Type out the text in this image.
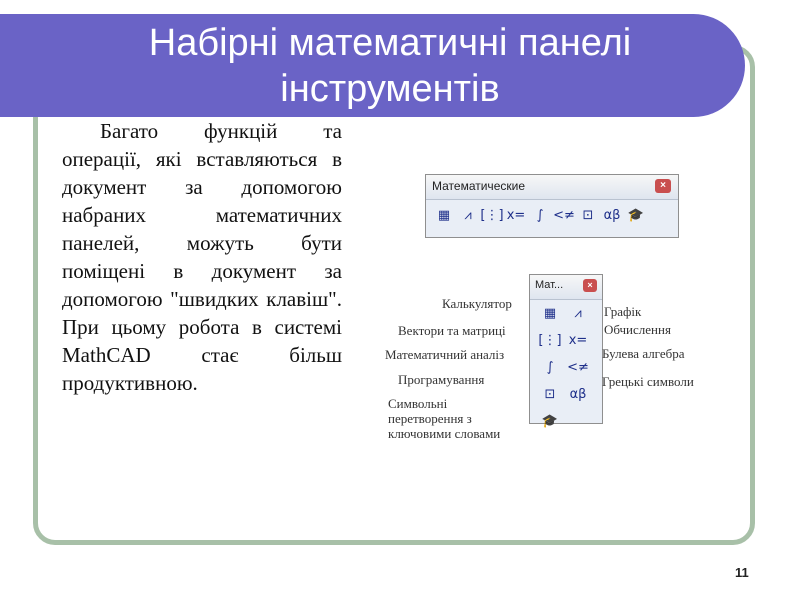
Набірні математичні панелі інструментів
Багато функцій та операції, які вставляються в документ за допомогою набраних математичних панелей, можуть бути поміщені в документ за допомогою "швидких клавіш". При цьому робота в системі MathCAD стає більш продуктивною.
Математические	×
▦	⩘ [⋮] x= ∫ <≠ ⊡ αβ 🎓
Мат...	×
▦	⩘
[⋮] x=
∫	<≠
⊡	αβ
🎓
Калькулятор
Вектори та матриці
Математичний аналіз
Програмування
Символьні перетворення з ключовими словами
Графік
Обчислення
Булева алгебра
Грецькі символи
11
